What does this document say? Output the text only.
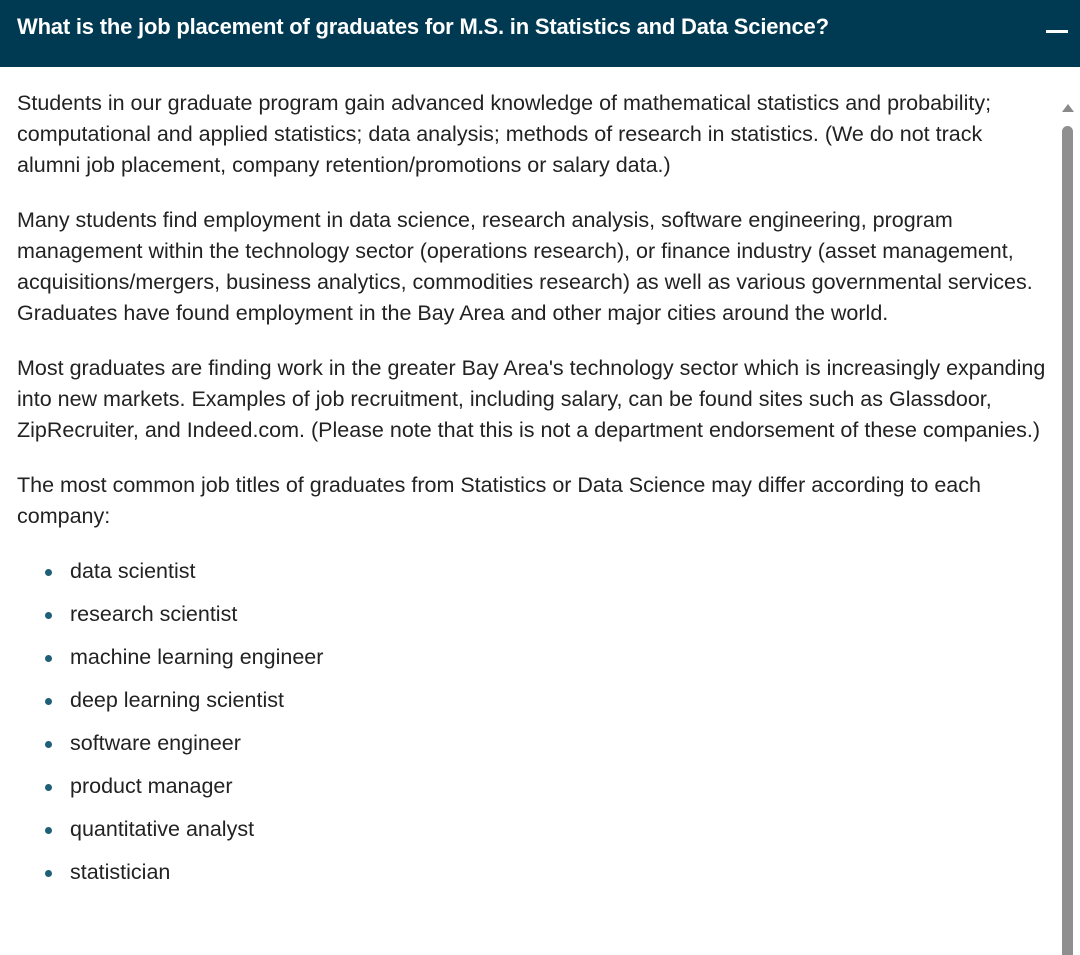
What is the job placement of graduates for M.S. in Statistics and Data Science?

Students in our graduate program gain advanced knowledge of mathematical statistics and probability; computational and applied statistics; data analysis; methods of research in statistics. (We do not track alumni job placement, company retention/promotions or salary data.)

Many students find employment in data science, research analysis, software engineering, program management within the technology sector (operations research), or finance industry (asset management, acquisitions/mergers, business analytics, commodities research) as well as various governmental services. Graduates have found employment in the Bay Area and other major cities around the world.

Most graduates are finding work in the greater Bay Area's technology sector which is increasingly expanding into new markets. Examples of job recruitment, including salary, can be found sites such as Glassdoor, ZipRecruiter, and Indeed.com. (Please note that this is not a department endorsement of these companies.)

The most common job titles of graduates from Statistics or Data Science may differ according to each company:

data scientist
research scientist
machine learning engineer
deep learning scientist
software engineer
product manager
quantitative analyst
statistician
